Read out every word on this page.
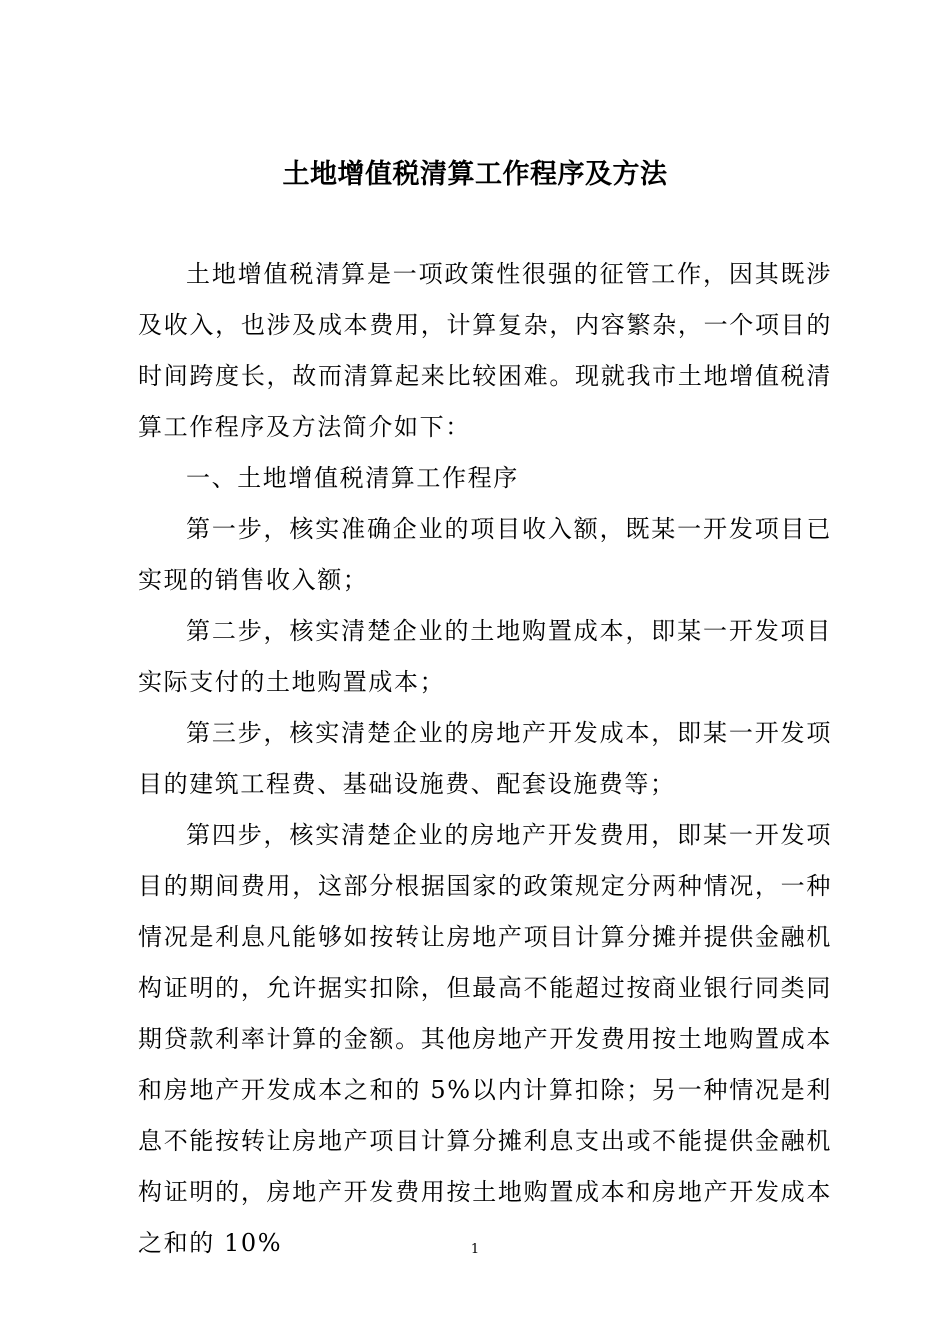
土地增值税清算工作程序及方法

土地增值税清算是一项政策性很强的征管工作，因其既涉及收入，也涉及成本费用，计算复杂，内容繁杂，一个项目的时间跨度长，故而清算起来比较困难。现就我市土地增值税清算工作程序及方法简介如下：

一、土地增值税清算工作程序

第一步，核实准确企业的项目收入额，既某一开发项目已实现的销售收入额；

第二步，核实清楚企业的土地购置成本，即某一开发项目实际支付的土地购置成本；

第三步，核实清楚企业的房地产开发成本，即某一开发项目的建筑工程费、基础设施费、配套设施费等；

第四步，核实清楚企业的房地产开发费用，即某一开发项目的期间费用，这部分根据国家的政策规定分两种情况，一种情况是利息凡能够如按转让房地产项目计算分摊并提供金融机构证明的，允许据实扣除，但最高不能超过按商业银行同类同期贷款利率计算的金额。其他房地产开发费用按土地购置成本和房地产开发成本之和的 5%以内计算扣除；另一种情况是利息不能按转让房地产项目计算分摊利息支出或不能提供金融机构证明的，房地产开发费用按土地购置成本和房地产开发成本之和的 10%	1
